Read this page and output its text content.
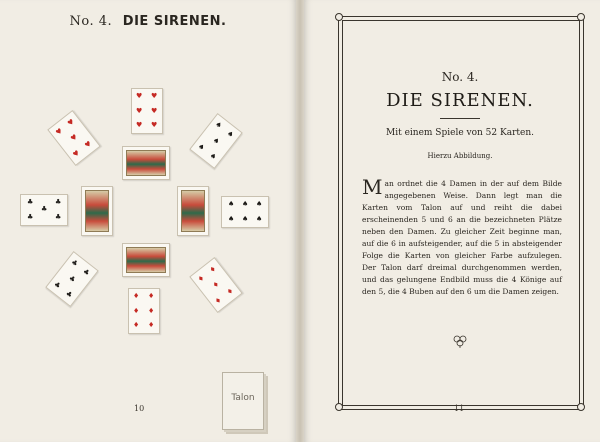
No. 4. DIE SIRENEN.
♥ ♥
♥ ♥
♥ ♥
♥
♥
♥
♥
♥
♠
♠
♠
♠
♠
♣
♣
♣
♣
♣
♠
♠
♠
♠
♠
♠
♣
♣
♣
♣
♣
♦
♦
♦
♦
♦
♦ ♦
♦ ♦
♦ ♦
Talon
10
No. 4.
DIE SIRENEN.
Mit einem Spiele von 52 Karten.
Hierzu Abbildung.
Man ordnet die 4 Damen in der auf dem Bilde angegebenen Weise. Dann legt man die Karten vom Talon auf und reiht die dabei erscheinenden 5 und 6 an die bezeichneten Plätze neben den Damen. Zu gleicher Zeit beginne man, auf die 6 in aufsteigender, auf die 5 in absteigender Folge die Karten von gleicher Farbe aufzulegen. Der Talon darf dreimal durchgenommen werden, und das gelungene Endbild muss die 4 Könige auf den 5, die 4 Buben auf den 6 um die Damen zeigen.
11
